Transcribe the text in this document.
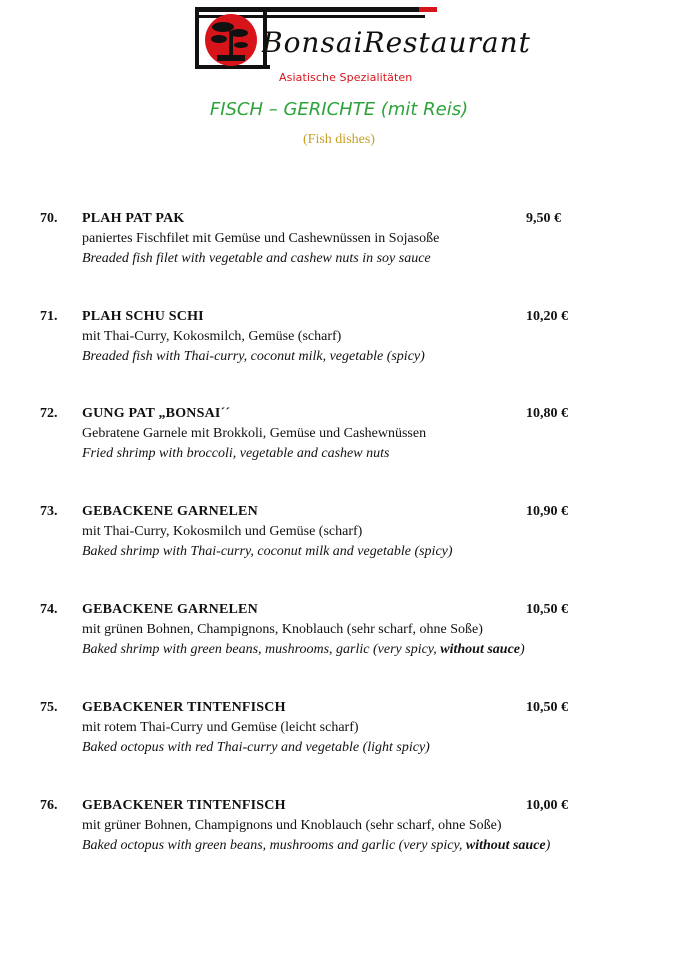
BonsaiRestaurant
Asiatische Spezialitäten
FISCH – GERICHTE (mit Reis)
(Fish dishes)
70. PLAH PAT PAK	9,50 €
paniertes Fischfilet mit Gemüse und Cashewnüssen in Sojasoße
Breaded fish filet with vegetable and cashew nuts in soy sauce
71. PLAH SCHU SCHI	10,20 €
mit Thai-Curry, Kokosmilch, Gemüse (scharf)
Breaded fish with Thai-curry, coconut milk, vegetable (spicy)
72. GUNG PAT „BONSAI´´	10,80 €
Gebratene Garnele mit Brokkoli, Gemüse und Cashewnüssen
Fried shrimp with broccoli, vegetable and cashew nuts
73. GEBACKENE GARNELEN	10,90 €
mit Thai-Curry, Kokosmilch und Gemüse (scharf)
Baked shrimp with Thai-curry, coconut milk and vegetable (spicy)
74. GEBACKENE GARNELEN	10,50 €
mit grünen Bohnen, Champignons, Knoblauch (sehr scharf, ohne Soße)
Baked shrimp with green beans, mushrooms, garlic (very spicy, without sauce)
75. GEBACKENER TINTENFISCH	10,50 €
mit rotem Thai-Curry und Gemüse (leicht scharf)
Baked octopus with red Thai-curry and vegetable (light spicy)
76. GEBACKENER TINTENFISCH	10,00 €
mit grüner Bohnen, Champignons und Knoblauch (sehr scharf, ohne Soße)
Baked octopus with green beans, mushrooms and garlic (very spicy, without sauce)
